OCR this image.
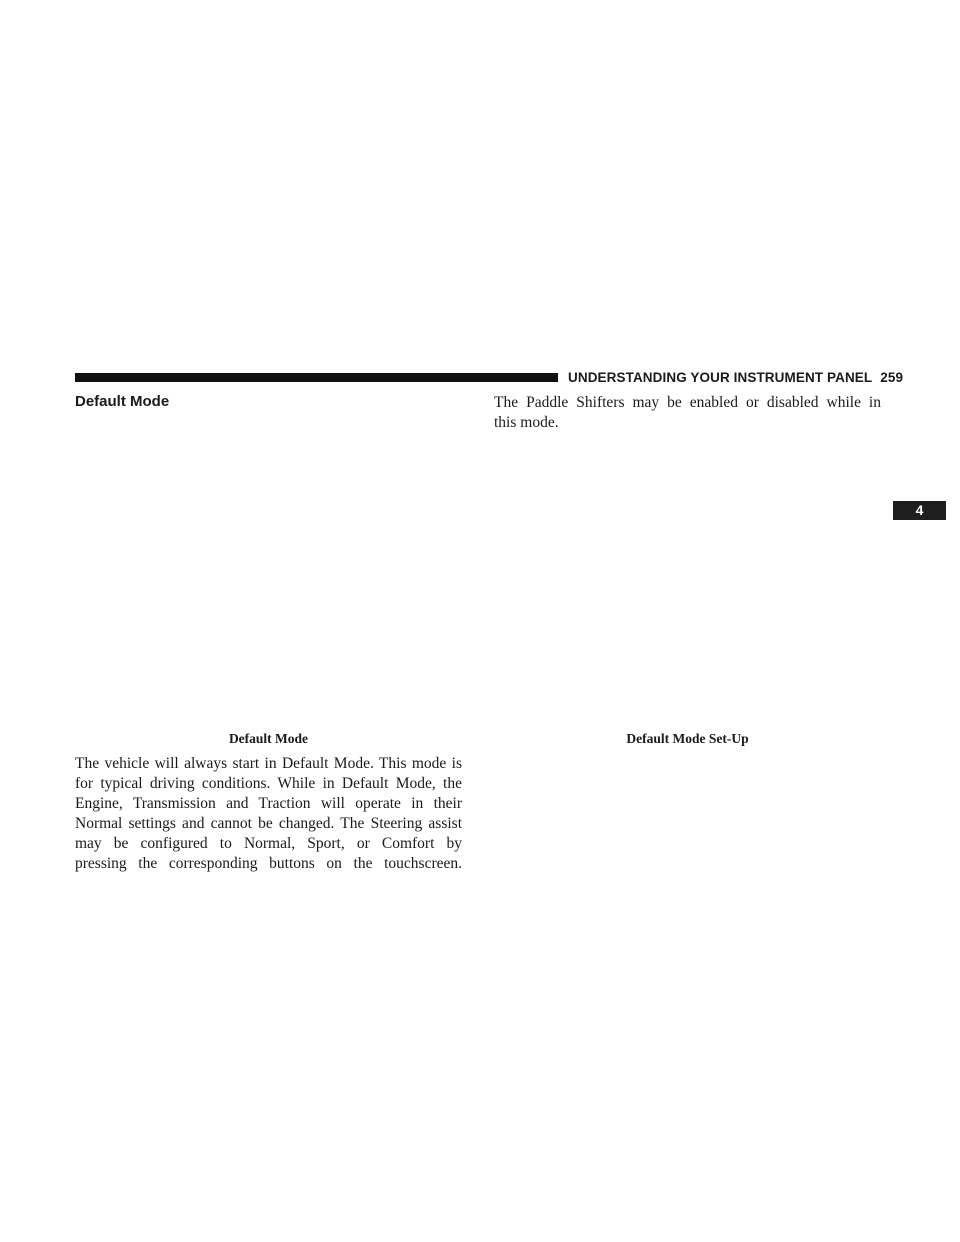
UNDERSTANDING YOUR INSTRUMENT PANEL 259
4
Default Mode
Default Mode

The vehicle will always start in Default Mode. This mode is
for typical driving conditions. While in Default Mode, the
Engine, Transmission and Traction will operate in their
Normal settings and cannot be changed. The Steering assist
may be configured to Normal, Sport, or Comfort by
pressing the corresponding buttons on the touchscreen.

The Paddle Shifters may be enabled or disabled while in
this mode.

Default Mode Set-Up
